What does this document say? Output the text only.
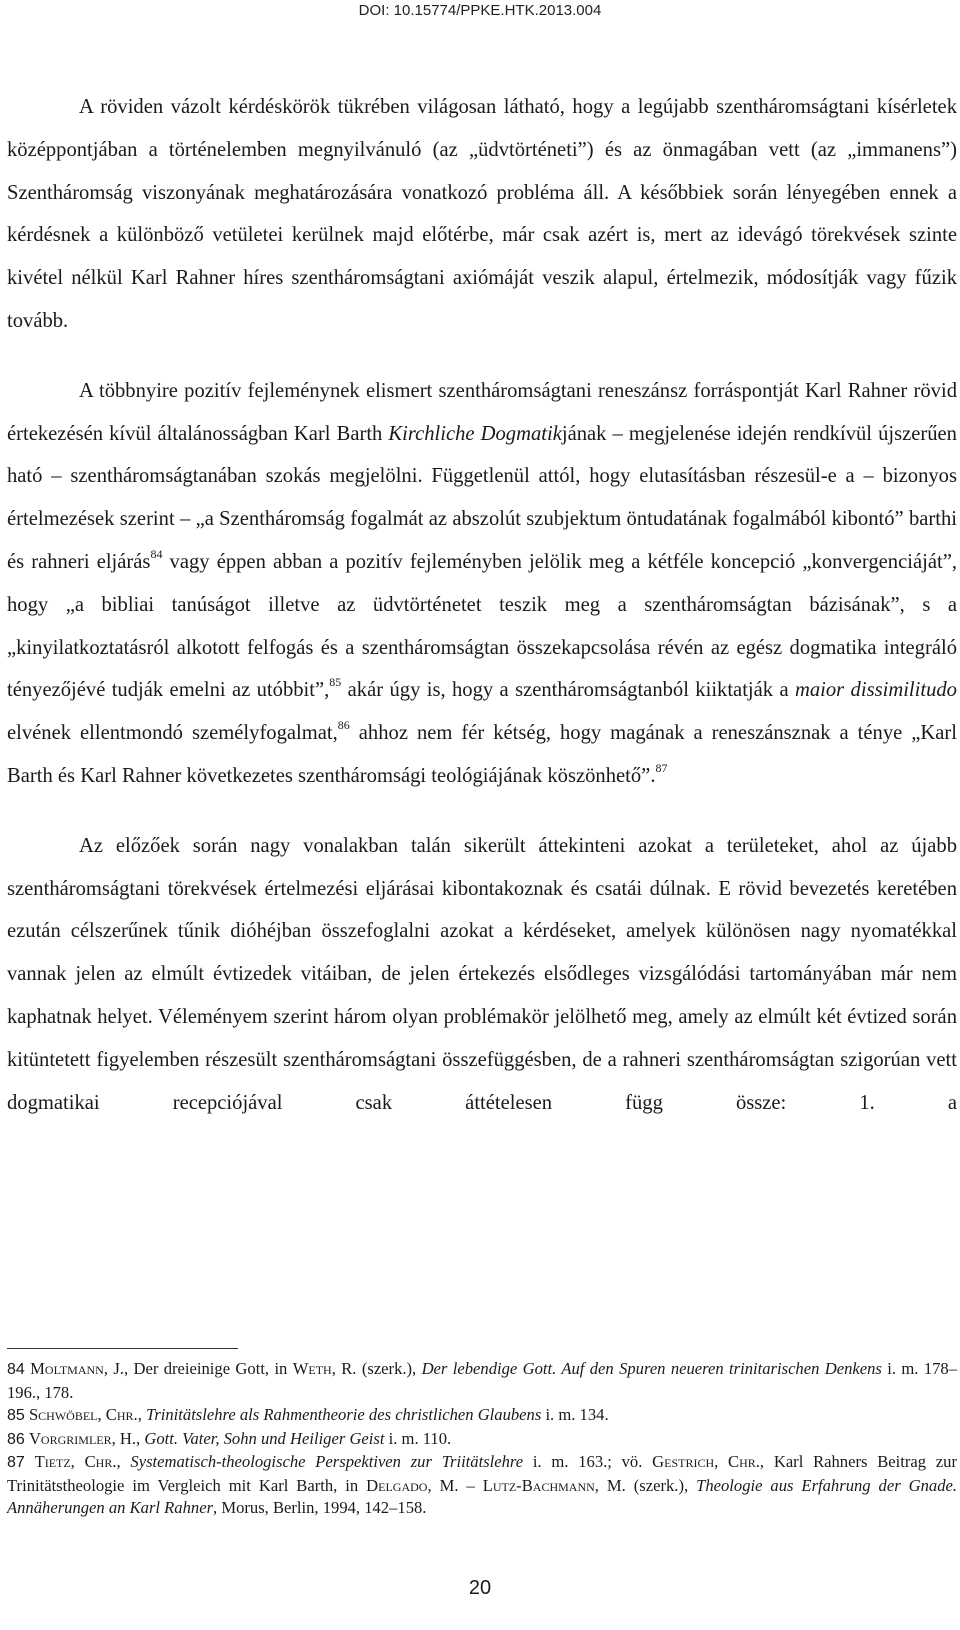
DOI: 10.15774/PPKE.HTK.2013.004

A röviden vázolt kérdéskörök tükrében világosan látható, hogy a legújabb szentháromságtani kísérletek középpontjában a történelemben megnyilvánuló (az „üdvtörténeti”) és az önmagában vett (az „immanens”) Szentháromság viszonyának meghatározására vonatkozó probléma áll. A későbbiek során lényegében ennek a kérdésnek a különböző vetületei kerülnek majd előtérbe, már csak azért is, mert az idevágó törekvések szinte kivétel nélkül Karl Rahner híres szentháromságtani axiómáját veszik alapul, értelmezik, módosítják vagy fűzik tovább.

A többnyire pozitív fejleménynek elismert szentháromságtani reneszánsz forráspontját Karl Rahner rövid értekezésén kívül általánosságban Karl Barth Kirchliche Dogmatikjának – megjelenése idején rendkívül újszerűen ható – szentháromságtanában szokás megjelölni. Függetlenül attól, hogy elutasításban részesül-e a – bizonyos értelmezések szerint – „a Szentháromság fogalmát az abszolút szubjektum öntudatának fogalmából kibontó” barthi és rahneri eljárás$^{84}$ vagy éppen abban a pozitív fejleményben jelölik meg a kétféle koncepció „konvergenciáját”, hogy „a bibliai tanúságot illetve az üdvtörténetet teszik meg a szentháromságtan bázisának”, s a „kinyilatkoztatásról alkotott felfogás és a szentháromságtan összekapcsolása révén az egész dogmatika integráló tényezőjévé tudják emelni az utóbbit”,$^{85}$ akár úgy is, hogy a szentháromságtanból kiiktatják a maior dissimilitudo elvének ellentmondó személyfogalmat,$^{86}$ ahhoz nem fér kétség, hogy magának a reneszánsznak a ténye „Karl Barth és Karl Rahner következetes szentháromsági teológiájának köszönhető”.$^{87}$

Az előzőek során nagy vonalakban talán sikerült áttekinteni azokat a területeket, ahol az újabb szentháromságtani törekvések értelmezési eljárásai kibontakoznak és csatái dúlnak. E rövid bevezetés keretében ezután célszerűnek tűnik dióhéjban összefoglalni azokat a kérdéseket, amelyek különösen nagy nyomatékkal vannak jelen az elmúlt évtizedek vitáiban, de jelen értekezés elsődleges vizsgálódási tartományában már nem kaphatnak helyet. Véleményem szerint három olyan problémakör jelölhető meg, amely az elmúlt két évtized során kitüntetett figyelemben részesült szentháromságtani összefüggésben, de a rahneri szentháromságtan szigorúan vett dogmatikai recepciójával csak áttételesen függ össze: 1. a

84 Moltmann, J., Der dreieinige Gott, in Weth, R. (szerk.), Der lebendige Gott. Auf den Spuren neueren trinitarischen Denkens i. m. 178–196., 178.

85 Schwöbel, Chr., Trinitätslehre als Rahmentheorie des christlichen Glaubens i. m. 134.

86 Vorgrimler, H., Gott. Vater, Sohn und Heiliger Geist i. m. 110.

87 Tietz, Chr., Systematisch-theologische Perspektiven zur Triitätslehre i. m. 163.; vö. Gestrich, Chr., Karl Rahners Beitrag zur Trinitätstheologie im Vergleich mit Karl Barth, in Delgado, M. – Lutz-Bachmann, M. (szerk.), Theologie aus Erfahrung der Gnade. Annäherungen an Karl Rahner, Morus, Berlin, 1994, 142–158.

20
